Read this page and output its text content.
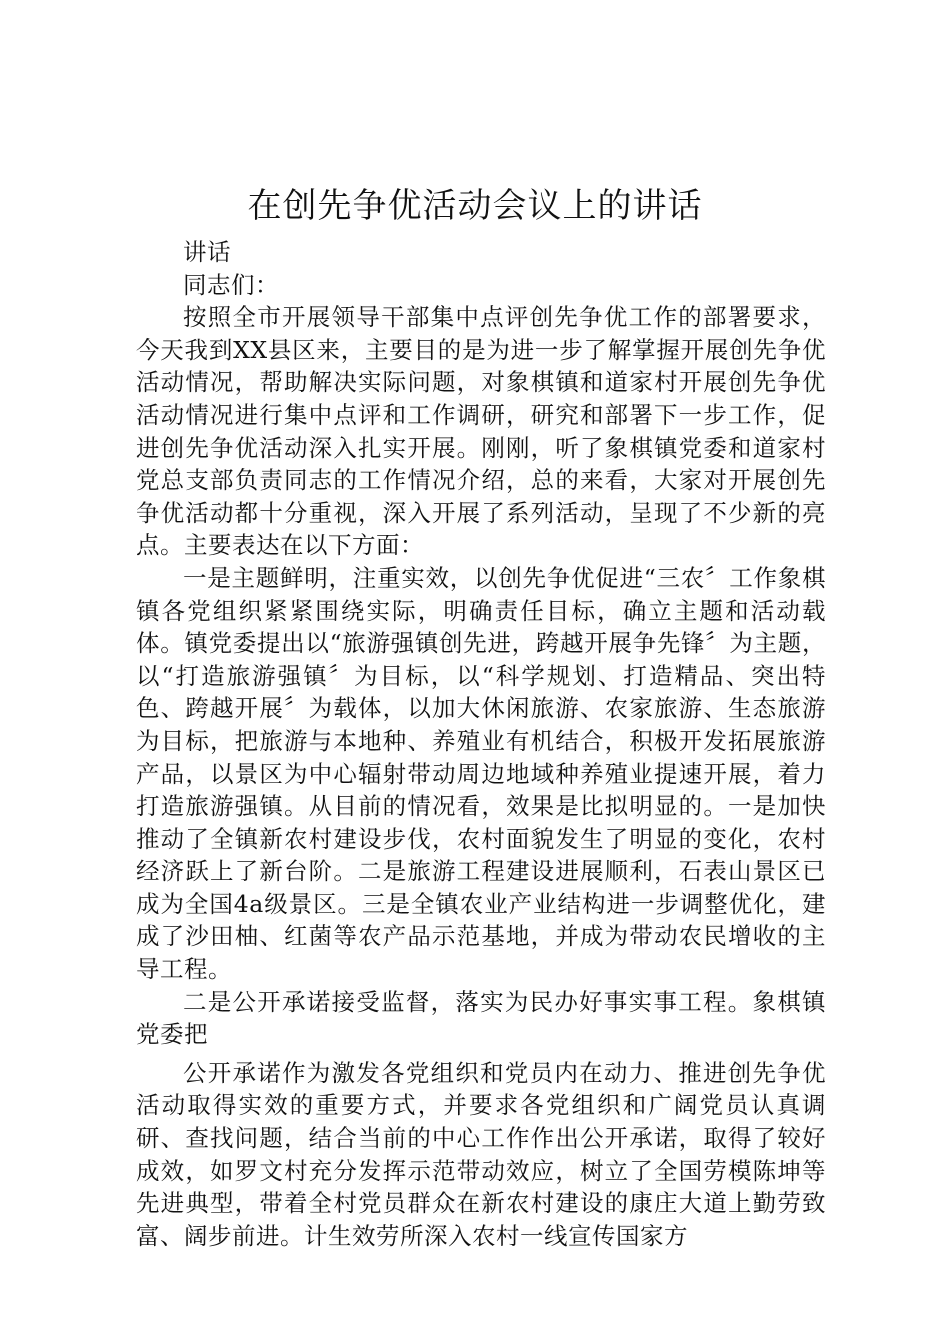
在创先争优活动会议上的讲话

讲话

同志们：

按照全市开展领导干部集中点评创先争优工作的部署要求，今天我到XX县区来，主要目的是为进一步了解掌握开展创先争优活动情况，帮助解决实际问题，对象棋镇和道家村开展创先争优活动情况进行集中点评和工作调研，研究和部署下一步工作，促进创先争优活动深入扎实开展。刚刚，听了象棋镇党委和道家村党总支部负责同志的工作情况介绍，总的来看，大家对开展创先争优活动都十分重视，深入开展了系列活动，呈现了不少新的亮点。主要表达在以下方面：

一是主题鲜明，注重实效，以创先争优促进“三农〞工作象棋镇各党组织紧紧围绕实际，明确责任目标，确立主题和活动载体。镇党委提出以“旅游强镇创先进，跨越开展争先锋〞为主题，以“打造旅游强镇〞为目标，以“科学规划、打造精品、突出特色、跨越开展〞为载体，以加大休闲旅游、农家旅游、生态旅游为目标，把旅游与本地种、养殖业有机结合，积极开发拓展旅游产品，以景区为中心辐射带动周边地域种养殖业提速开展，着力打造旅游强镇。从目前的情况看，效果是比拟明显的。一是加快推动了全镇新农村建设步伐，农村面貌发生了明显的变化，农村经济跃上了新台阶。二是旅游工程建设进展顺利，石表山景区已成为全国4a级景区。三是全镇农业产业结构进一步调整优化，建成了沙田柚、红菌等农产品示范基地，并成为带动农民增收的主导工程。

二是公开承诺接受监督，落实为民办好事实事工程。象棋镇党委把

公开承诺作为激发各党组织和党员内在动力、推进创先争优活动取得实效的重要方式，并要求各党组织和广阔党员认真调研、查找问题，结合当前的中心工作作出公开承诺，取得了较好成效，如罗文村充分发挥示范带动效应，树立了全国劳模陈坤等先进典型，带着全村党员群众在新农村建设的康庄大道上勤劳致富、阔步前进。计生效劳所深入农村一线宣传国家方
